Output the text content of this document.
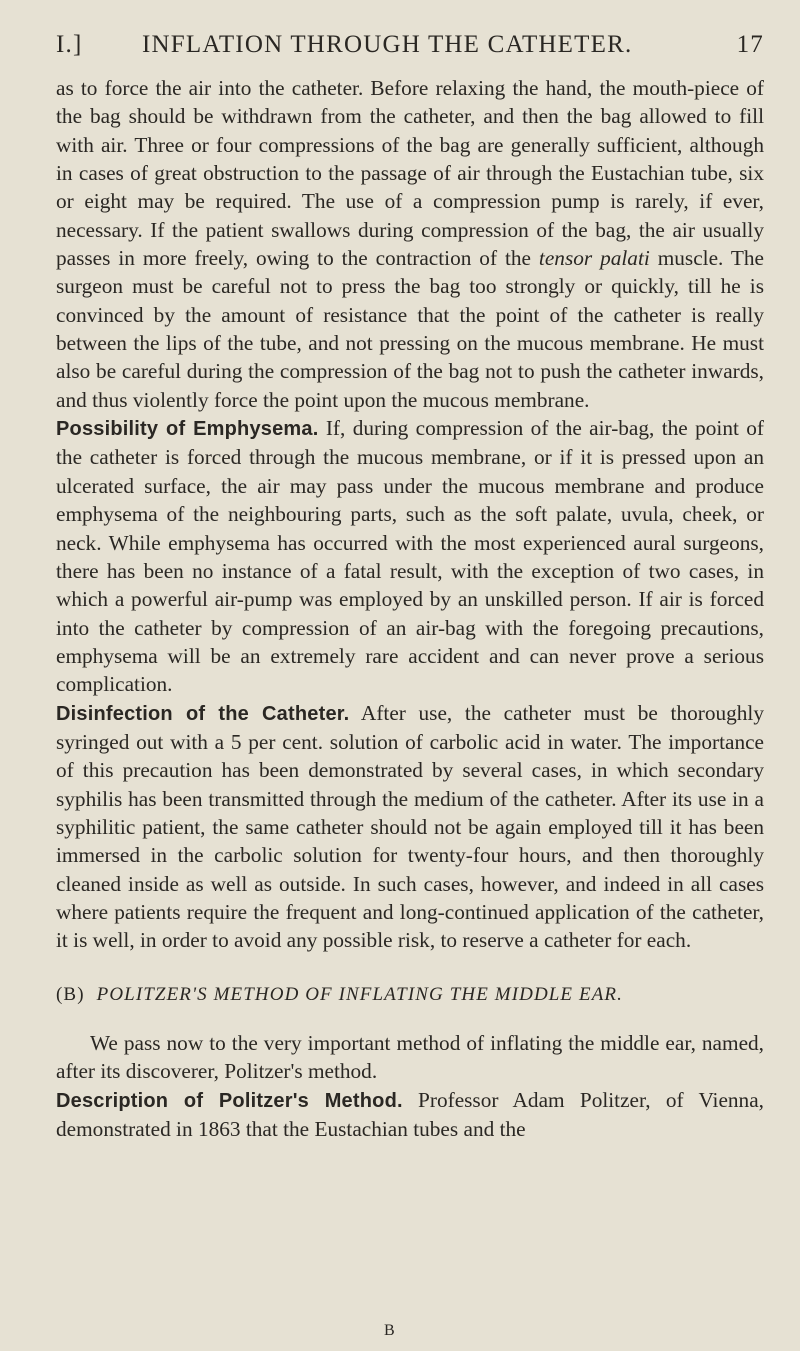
I.] INFLATION THROUGH THE CATHETER.	17

as to force the air into the catheter. Before relaxing the hand, the mouth-piece of the bag should be withdrawn from the catheter, and then the bag allowed to fill with air. Three or four compressions of the bag are generally sufficient, although in cases of great obstruction to the passage of air through the Eustachian tube, six or eight may be required. The use of a compression pump is rarely, if ever, necessary. If the patient swallows during compression of the bag, the air usually passes in more freely, owing to the contraction of the tensor palati muscle. The surgeon must be careful not to press the bag too strongly or quickly, till he is convinced by the amount of resistance that the point of the catheter is really between the lips of the tube, and not pressing on the mucous membrane. He must also be careful during the compression of the bag not to push the catheter inwards, and thus violently force the point upon the mucous membrane.

Possibility of Emphysema. If, during compression of the air-bag, the point of the catheter is forced through the mucous membrane, or if it is pressed upon an ulcerated surface, the air may pass under the mucous membrane and produce emphysema of the neighbouring parts, such as the soft palate, uvula, cheek, or neck. While emphysema has occurred with the most experienced aural surgeons, there has been no instance of a fatal result, with the exception of two cases, in which a powerful air-pump was employed by an unskilled person. If air is forced into the catheter by compression of an air-bag with the foregoing precautions, emphysema will be an extremely rare accident and can never prove a serious complication.

Disinfection of the Catheter. After use, the catheter must be thoroughly syringed out with a 5 per cent. solution of carbolic acid in water. The importance of this precaution has been demonstrated by several cases, in which secondary syphilis has been transmitted through the medium of the catheter. After its use in a syphilitic patient, the same catheter should not be again employed till it has been immersed in the carbolic solution for twenty-four hours, and then thoroughly cleaned inside as well as outside. In such cases, however, and indeed in all cases where patients require the frequent and long-continued application of the catheter, it is well, in order to avoid any possible risk, to reserve a catheter for each.

(B) POLITZER'S METHOD OF INFLATING THE MIDDLE EAR.

We pass now to the very important method of inflating the middle ear, named, after its discoverer, Politzer's method.

Description of Politzer's Method. Professor Adam Politzer, of Vienna, demonstrated in 1863 that the Eustachian tubes and the

B
